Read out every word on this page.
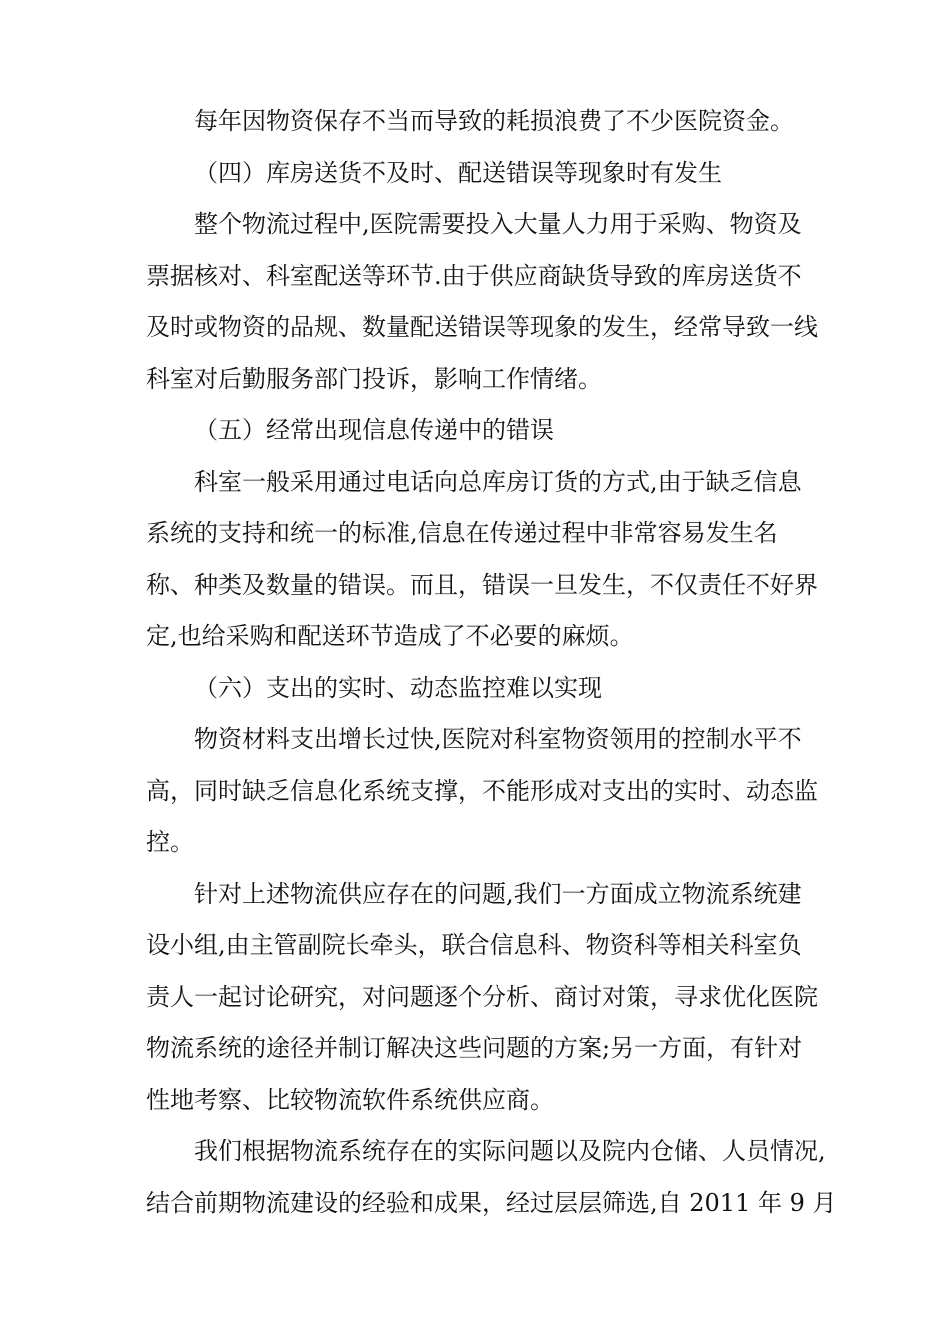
每年因物资保存不当而导致的耗损浪费了不少医院资金。
（四）库房送货不及时、配送错误等现象时有发生
整个物流过程中,医院需要投入大量人力用于采购、物资及
票据核对、科室配送等环节.由于供应商缺货导致的库房送货不
及时或物资的品规、数量配送错误等现象的发生，经常导致一线
科室对后勤服务部门投诉，影响工作情绪。
（五）经常出现信息传递中的错误
科室一般采用通过电话向总库房订货的方式,由于缺乏信息
系统的支持和统一的标准,信息在传递过程中非常容易发生名
称、种类及数量的错误。而且，错误一旦发生，不仅责任不好界
定,也给采购和配送环节造成了不必要的麻烦。
（六）支出的实时、动态监控难以实现
物资材料支出增长过快,医院对科室物资领用的控制水平不
高，同时缺乏信息化系统支撑，不能形成对支出的实时、动态监
控。
针对上述物流供应存在的问题,我们一方面成立物流系统建
设小组,由主管副院长牵头，联合信息科、物资科等相关科室负
责人一起讨论研究，对问题逐个分析、商讨对策，寻求优化医院
物流系统的途径并制订解决这些问题的方案;另一方面，有针对
性地考察、比较物流软件系统供应商。
我们根据物流系统存在的实际问题以及院内仓储、人员情况,
结合前期物流建设的经验和成果，经过层层筛选,自 2011 年 9 月
